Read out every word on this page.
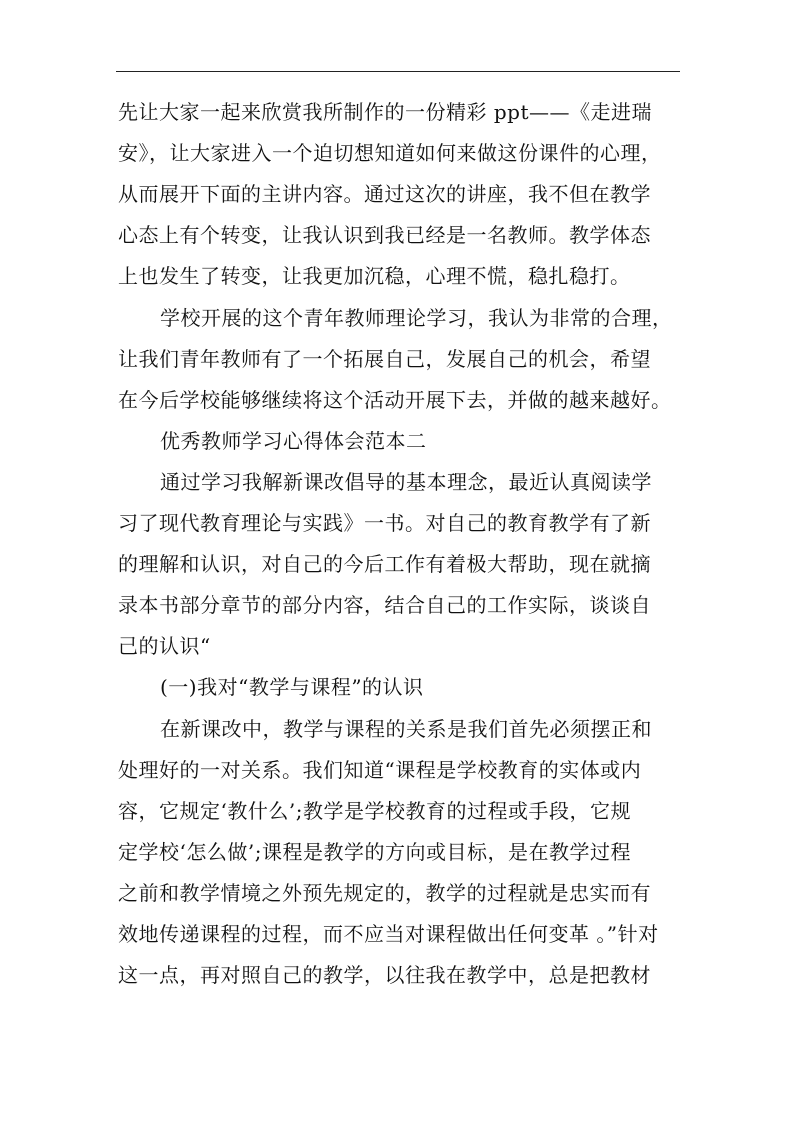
先让大家一起来欣赏我所制作的一份精彩 ppt——《走进瑞
安》，让大家进入一个迫切想知道如何来做这份课件的心理，
从而展开下面的主讲内容。通过这次的讲座，我不但在教学
心态上有个转变，让我认识到我已经是一名教师。教学体态
上也发生了转变，让我更加沉稳，心理不慌，稳扎稳打。
学校开展的这个青年教师理论学习，我认为非常的合理，
让我们青年教师有了一个拓展自己，发展自己的机会，希望
在今后学校能够继续将这个活动开展下去，并做的越来越好。
优秀教师学习心得体会范本二
通过学习我解新课改倡导的基本理念，最近认真阅读学
习了现代教育理论与实践》一书。对自己的教育教学有了新
的理解和认识，对自己的今后工作有着极大帮助，现在就摘
录本书部分章节的部分内容，结合自己的工作实际，谈谈自
己的认识“
(一)我对“教学与课程”的认识
在新课改中，教学与课程的关系是我们首先必须摆正和
处理好的一对关系。我们知道“课程是学校教育的实体或内
容，它规定‘教什么’;教学是学校教育的过程或手段，它规
定学校‘怎么做’;课程是教学的方向或目标，是在教学过程
之前和教学情境之外预先规定的，教学的过程就是忠实而有
效地传递课程的过程，而不应当对课程做出任何变革 。”针对
这一点，再对照自己的教学，以往我在教学中，总是把教材
